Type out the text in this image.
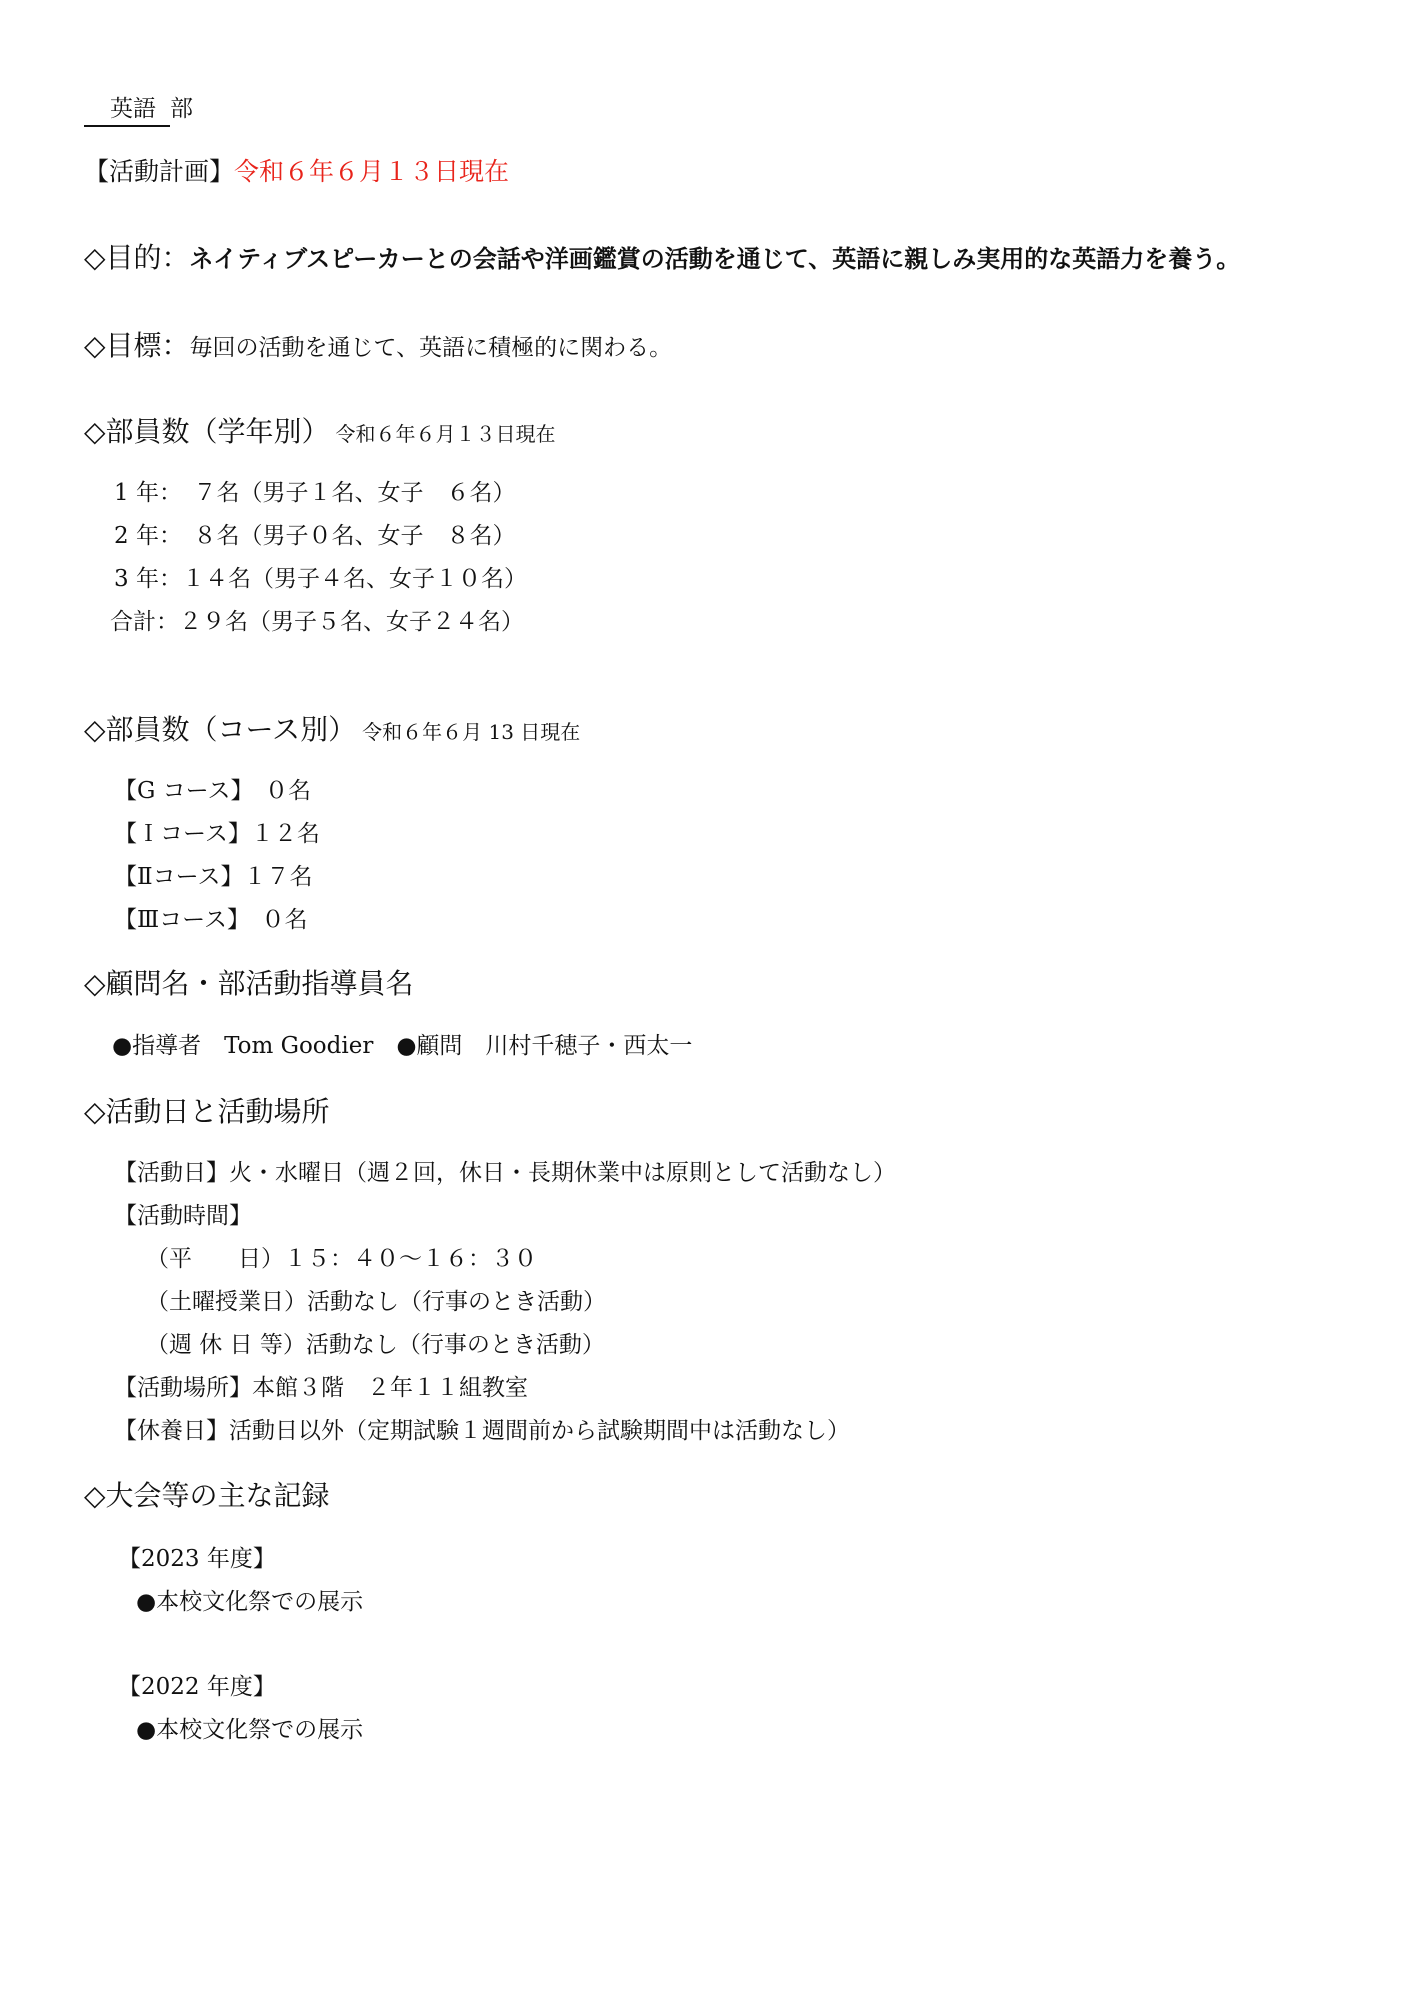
英語 部
【活動計画】令和６年６月１３日現在
◇目的：ネイティブスピーカーとの会話や洋画鑑賞の活動を通じて、英語に親しみ実用的な英語力を養う。
◇目標：毎回の活動を通じて、英語に積極的に関わる。
◇部員数（学年別） 令和６年６月１３日現在
1 年：　７名（男子１名、女子　６名）
2 年：　８名（男子０名、女子　８名）
3 年：１４名（男子４名、女子１０名）
合計：２９名（男子５名、女子２４名）
◇部員数（コース別） 令和６年６月 13 日現在
【G コース】　０名
【Ｉコース】１２名
【Ⅱコース】１７名
【Ⅲコース】　０名
◇顧問名・部活動指導員名
●指導者　Tom Goodier　●顧問　川村千穂子・西太一
◇活動日と活動場所
【活動日】火・水曜日（週２回，休日・長期休業中は原則として活動なし）
【活動時間】
（平　　日）１５：４０～１６：３０
（土曜授業日）活動なし（行事のとき活動）
（週 休 日 等）活動なし（行事のとき活動）
【活動場所】本館３階　２年１１組教室
【休養日】活動日以外（定期試験１週間前から試験期間中は活動なし）
◇大会等の主な記録
【2023 年度】
●本校文化祭での展示
【2022 年度】
●本校文化祭での展示
